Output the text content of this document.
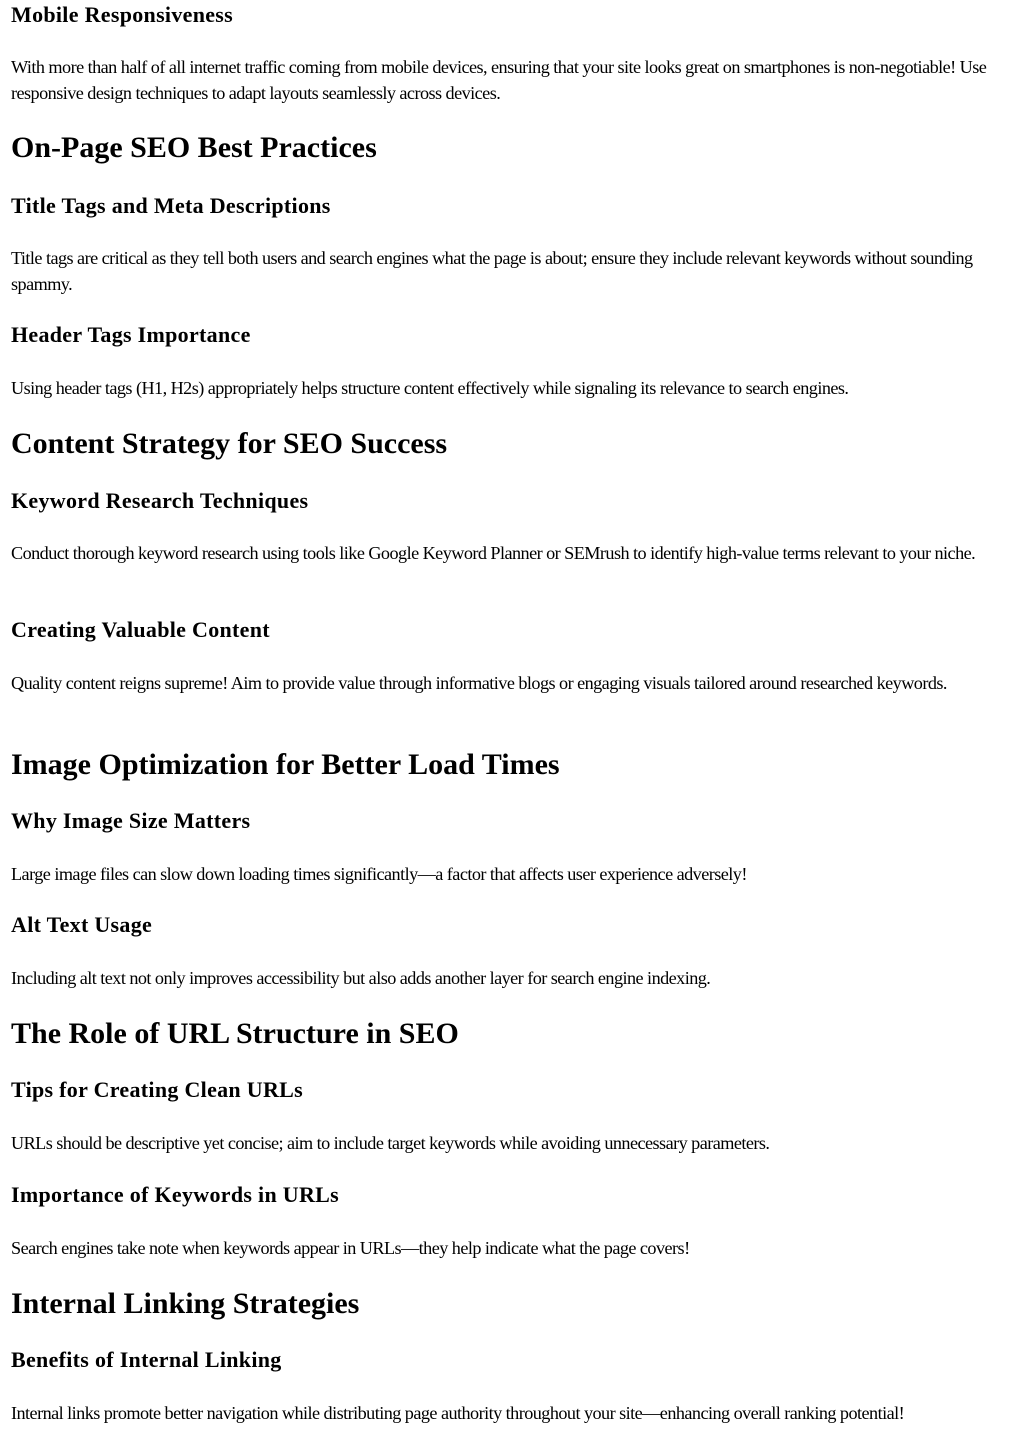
Mobile Responsiveness

With more than half of all internet traffic coming from mobile devices, ensuring that your site looks great on smartphones is non-negotiable! Use responsive design techniques to adapt layouts seamlessly across devices.

On-Page SEO Best Practices
Title Tags and Meta Descriptions

Title tags are critical as they tell both users and search engines what the page is about; ensure they include relevant keywords without sounding spammy.

Header Tags Importance

Using header tags (H1, H2s) appropriately helps structure content effectively while signaling its relevance to search engines.

Content Strategy for SEO Success
Keyword Research Techniques

Conduct thorough keyword research using tools like Google Keyword Planner or SEMrush to identify high-value terms relevant to your niche.

Creating Valuable Content

Quality content reigns supreme! Aim to provide value through informative blogs or engaging visuals tailored around researched keywords.

Image Optimization for Better Load Times
Why Image Size Matters

Large image files can slow down loading times significantly—a factor that affects user experience adversely!

Alt Text Usage

Including alt text not only improves accessibility but also adds another layer for search engine indexing.

The Role of URL Structure in SEO
Tips for Creating Clean URLs

URLs should be descriptive yet concise; aim to include target keywords while avoiding unnecessary parameters.

Importance of Keywords in URLs

Search engines take note when keywords appear in URLs—they help indicate what the page covers!

Internal Linking Strategies
Benefits of Internal Linking

Internal links promote better navigation while distributing page authority throughout your site—enhancing overall ranking potential!
